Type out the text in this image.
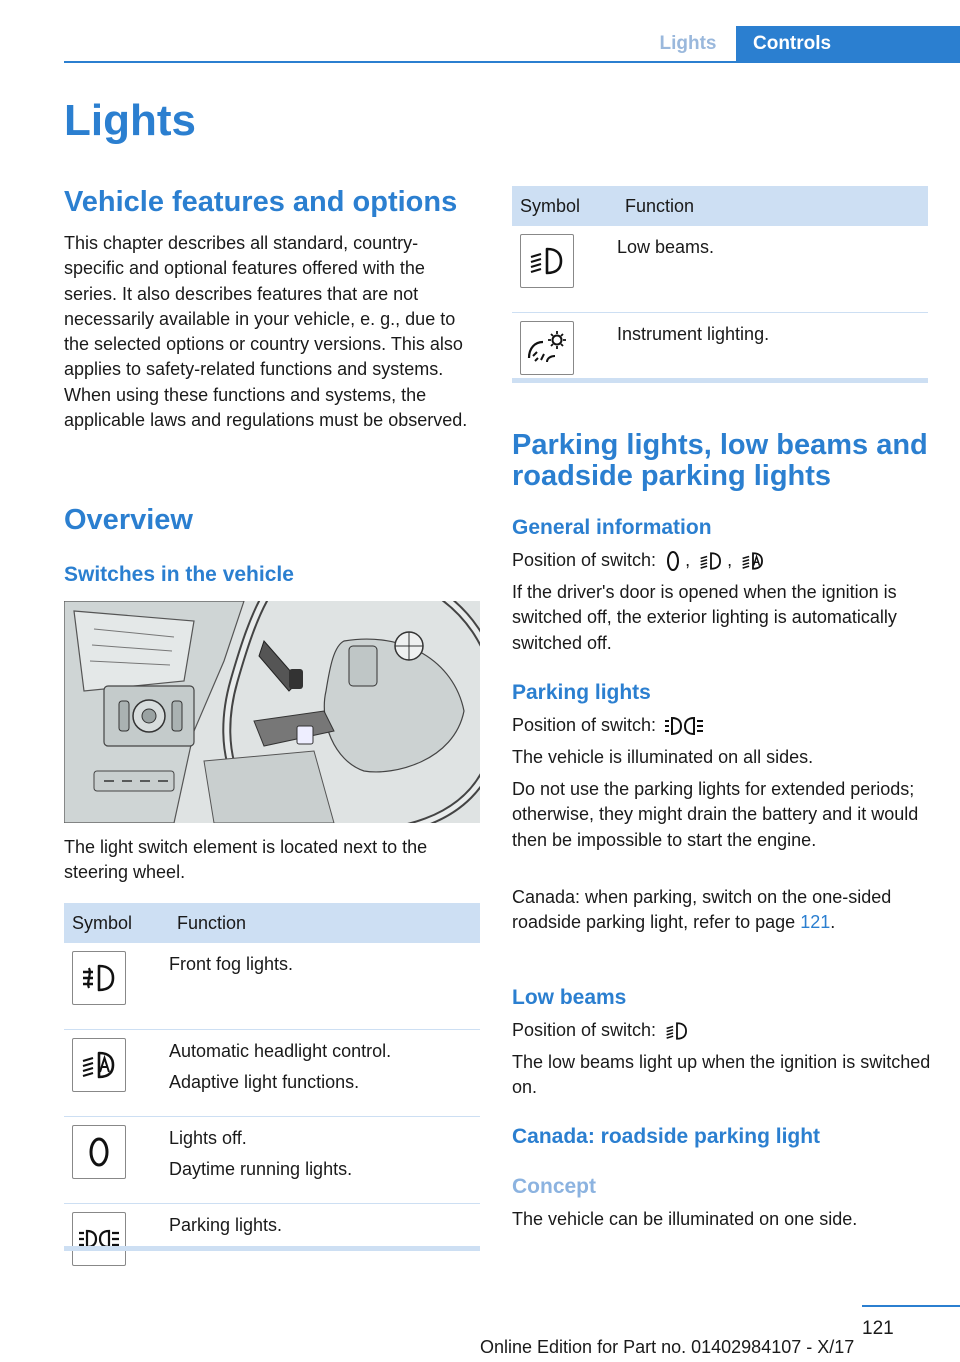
Lights	Controls
Lights
Vehicle features and options

This chapter describes all standard, country-specific and optional features offered with the series. It also describes features that are not necessarily available in your vehicle, e. g., due to the selected options or country versions. This also applies to safety-related functions and systems. When using these functions and systems, the applicable laws and regulations must be observed.

Overview
Switches in the vehicle

The light switch element is located next to the steering wheel.

Symbol	Function

Front fog lights.

Automatic headlight control.
Adaptive light functions.

Lights off.
Daytime running lights.

Parking lights.
Symbol	Function

Low beams.

Instrument lighting.
Parking lights, low beams and roadside parking lights
General information

Position of switch: , ,

If the driver's door is opened when the ignition is switched off, the exterior lighting is automatically switched off.

Parking lights

Position of switch:

The vehicle is illuminated on all sides.

Do not use the parking lights for extended periods; otherwise, they might drain the battery and it would then be impossible to start the engine.

Canada: when parking, switch on the one-sided roadside parking light, refer to page 121.

Low beams

Position of switch:

The low beams light up when the ignition is switched on.

Canada: roadside parking light
Concept

The vehicle can be illuminated on one side.

121
Online Edition for Part no. 01402984107 - X/17
